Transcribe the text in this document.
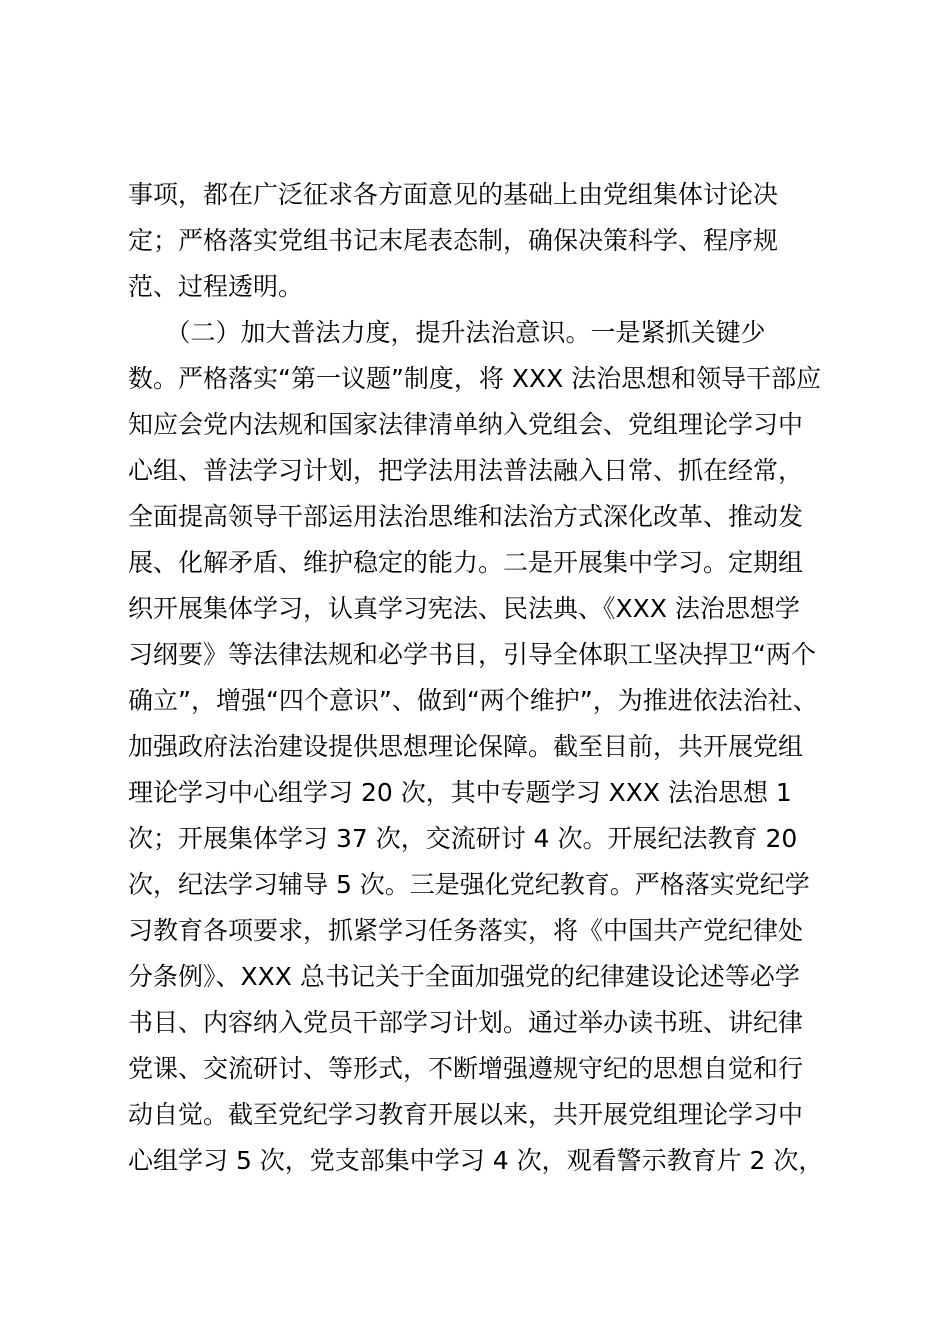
事项，都在广泛征求各方面意见的基础上由党组集体讨论决
定；严格落实党组书记末尾表态制，确保决策科学、程序规
范、过程透明。
　　（二）加大普法力度，提升法治意识。一是紧抓关键少
数。严格落实“第一议题”制度，将 XXX 法治思想和领导干部应
知应会党内法规和国家法律清单纳入党组会、党组理论学习中
心组、普法学习计划，把学法用法普法融入日常、抓在经常，
全面提高领导干部运用法治思维和法治方式深化改革、推动发
展、化解矛盾、维护稳定的能力。二是开展集中学习。定期组
织开展集体学习，认真学习宪法、民法典、《XXX 法治思想学
习纲要》等法律法规和必学书目，引导全体职工坚决捍卫“两个
确立”，增强“四个意识”、做到“两个维护”，为推进依法治社、
加强政府法治建设提供思想理论保障。截至目前，共开展党组
理论学习中心组学习 20 次，其中专题学习 XXX 法治思想 1
次；开展集体学习 37 次，交流研讨 4 次。开展纪法教育 20
次，纪法学习辅导 5 次。三是强化党纪教育。严格落实党纪学
习教育各项要求，抓紧学习任务落实，将《中国共产党纪律处
分条例》、XXX 总书记关于全面加强党的纪律建设论述等必学
书目、内容纳入党员干部学习计划。通过举办读书班、讲纪律
党课、交流研讨、等形式，不断增强遵规守纪的思想自觉和行
动自觉。截至党纪学习教育开展以来，共开展党组理论学习中
心组学习 5 次，党支部集中学习 4 次，观看警示教育片 2 次，
